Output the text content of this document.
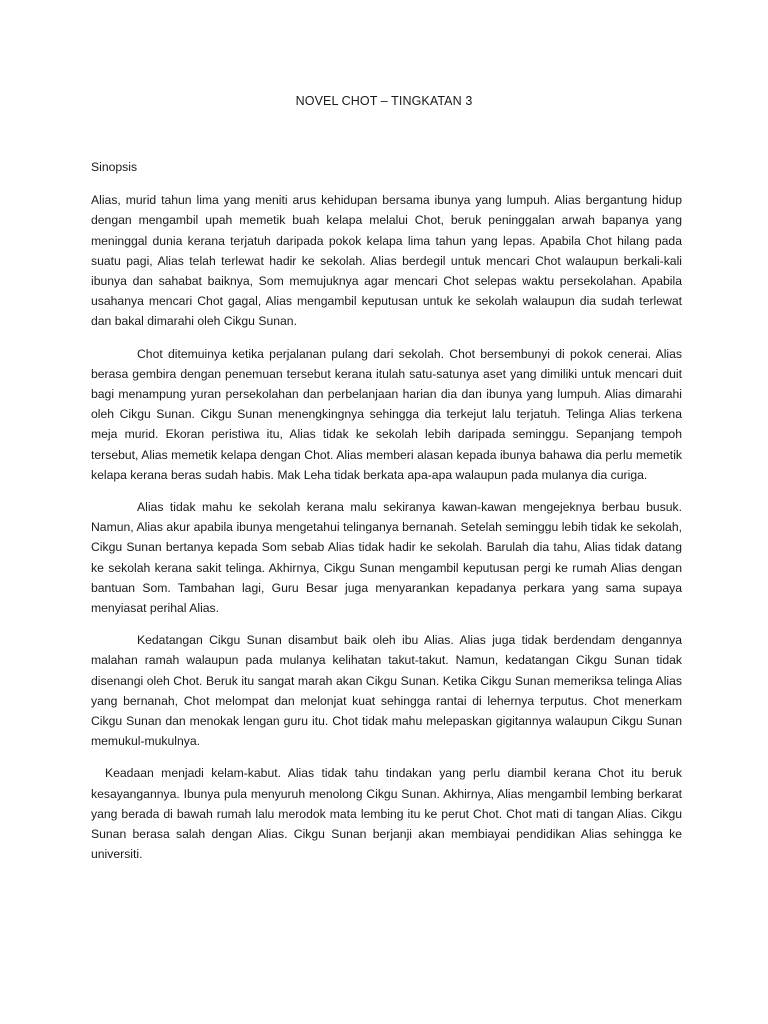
NOVEL CHOT – TINGKATAN 3

Sinopsis

Alias, murid tahun lima yang meniti arus kehidupan bersama ibunya yang lumpuh. Alias bergantung hidup dengan mengambil upah memetik buah kelapa melalui Chot, beruk peninggalan arwah bapanya yang meninggal dunia kerana terjatuh daripada pokok kelapa lima tahun yang lepas. Apabila Chot hilang pada suatu pagi, Alias telah terlewat hadir ke sekolah. Alias berdegil untuk mencari Chot walaupun berkali-kali ibunya dan sahabat baiknya, Som memujuknya agar mencari Chot selepas waktu persekolahan. Apabila usahanya mencari Chot gagal, Alias mengambil keputusan untuk ke sekolah walaupun dia sudah terlewat dan bakal dimarahi oleh Cikgu Sunan.

Chot ditemuinya ketika perjalanan pulang dari sekolah. Chot bersembunyi di pokok cenerai. Alias berasa gembira dengan penemuan tersebut kerana itulah satu-satunya aset yang dimiliki untuk mencari duit bagi menampung yuran persekolahan dan perbelanjaan harian dia dan ibunya yang lumpuh. Alias dimarahi oleh Cikgu Sunan. Cikgu Sunan menengkingnya sehingga dia terkejut lalu terjatuh. Telinga Alias terkena meja murid. Ekoran peristiwa itu, Alias tidak ke sekolah lebih daripada seminggu. Sepanjang tempoh tersebut, Alias memetik kelapa dengan Chot. Alias memberi alasan kepada ibunya bahawa dia perlu memetik kelapa kerana beras sudah habis. Mak Leha tidak berkata apa-apa walaupun pada mulanya dia curiga.

Alias tidak mahu ke sekolah kerana malu sekiranya kawan-kawan mengejeknya berbau busuk. Namun, Alias akur apabila ibunya mengetahui telinganya bernanah. Setelah seminggu lebih tidak ke sekolah, Cikgu Sunan bertanya kepada Som sebab Alias tidak hadir ke sekolah. Barulah dia tahu, Alias tidak datang ke sekolah kerana sakit telinga. Akhirnya, Cikgu Sunan mengambil keputusan pergi ke rumah Alias dengan bantuan Som. Tambahan lagi, Guru Besar juga menyarankan kepadanya perkara yang sama supaya menyiasat perihal Alias.

Kedatangan Cikgu Sunan disambut baik oleh ibu Alias. Alias juga tidak berdendam dengannya malahan ramah walaupun pada mulanya kelihatan takut-takut. Namun, kedatangan Cikgu Sunan tidak disenangi oleh Chot. Beruk itu sangat marah akan Cikgu Sunan. Ketika Cikgu Sunan memeriksa telinga Alias yang bernanah, Chot melompat dan melonjat kuat sehingga rantai di lehernya terputus. Chot menerkam Cikgu Sunan dan menokak lengan guru itu. Chot tidak mahu melepaskan gigitannya walaupun Cikgu Sunan memukul-mukulnya.

Keadaan menjadi kelam-kabut. Alias tidak tahu tindakan yang perlu diambil kerana Chot itu beruk kesayangannya. Ibunya pula menyuruh menolong Cikgu Sunan. Akhirnya, Alias mengambil lembing berkarat yang berada di bawah rumah lalu merodok mata lembing itu ke perut Chot. Chot mati di tangan Alias. Cikgu Sunan berasa salah dengan Alias. Cikgu Sunan berjanji akan membiayai pendidikan Alias sehingga ke universiti.
